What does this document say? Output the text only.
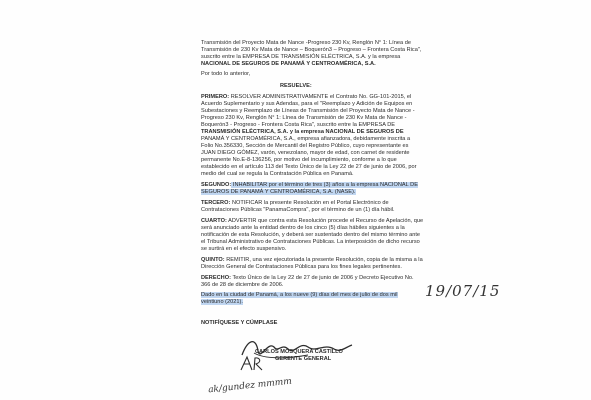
Transmisión del Proyecto Mata de Nance -Progreso 230 Kv, Renglón N° 1: Línea de
Transmisión de 230 Kv Mata de Nance – Boquerón3 – Progreso – Frontera Costa Rica",
suscrito entre la EMPRESA DE TRANSMISIÓN ELÉCTRICA, S.A. y la empresa
NACIONAL DE SEGUROS DE PANAMÁ Y CENTROAMÉRICA, S.A.
Por todo lo anterior,
RESUELVE:
PRIMERO: RESOLVER ADMINISTRATIVAMENTE el Contrato No. GG-101-2015, el
Acuerdo Suplementario y sus Adendas, para el "Reemplazo y Adición de Equipos en
Subestaciones y Reemplazo de Líneas de Transmisión del Proyecto Mata de Nance -
Progreso 230 Kv, Renglón N° 1: Línea de Transmisión de 230 Kv Mata de Nance -
Boquerón3 - Progreso - Frontera Costa Rica", suscrito entre la EMPRESA DE
TRANSMISIÓN ELÉCTRICA, S.A. y la empresa NACIONAL DE SEGUROS DE
PANAMÁ Y CENTROAMÉRICA, S.A., empresa afianzadora, debidamente inscrita a
Folio No.356330, Sección de Mercantil del Registro Público, cuyo representante es
JUAN DIEGO GÓMEZ, varón, venezolano, mayor de edad, con carnet de residente
permanente No.E-8-136256, por motivo del incumplimiento, conforme a lo que
establecido en el artículo 113 del Texto Único de la Ley 22 de 27 de junio de 2006, por
medio del cual se regula la Contratación Pública en Panamá.
SEGUNDO: INHABILITAR por el término de tres (3) años a la empresa NACIONAL DE
SEGUROS DE PANAMÁ Y CENTROAMÉRICA, S.A. (NASE).
TERCERO: NOTIFICAR la presente Resolución en el Portal Electrónico de
Contrataciones Públicas "PanamaCompra", por el término de un (1) día hábil.
CUARTO: ADVERTIR que contra esta Resolución procede el Recurso de Apelación, que
será anunciado ante la entidad dentro de los cinco (5) días hábiles siguientes a la
notificación de esta Resolución, y deberá ser sustentado dentro del mismo término ante
el Tribunal Administrativo de Contrataciones Públicas. La interposición de dicho recurso
se surtirá en el efecto suspensivo.
QUINTO: REMITIR, una vez ejecutoriada la presente Resolución, copia de la misma a la
Dirección General de Contrataciones Públicas para los fines legales pertinentes.
DERECHO: Texto Único de la Ley 22 de 27 de junio de 2006 y Decreto Ejecutivo No.
366 de 28 de diciembre de 2006.
Dado en la ciudad de Panamá, a los nueve (9) días del mes de julio de dos mil
veintiuno (2021).
NOTIFÍQUESE Y CÚMPLASE
19/07/15
CARLOS MOSQUERA CASTILLO
GERENTE GENERAL
ak/gundez mmmm
